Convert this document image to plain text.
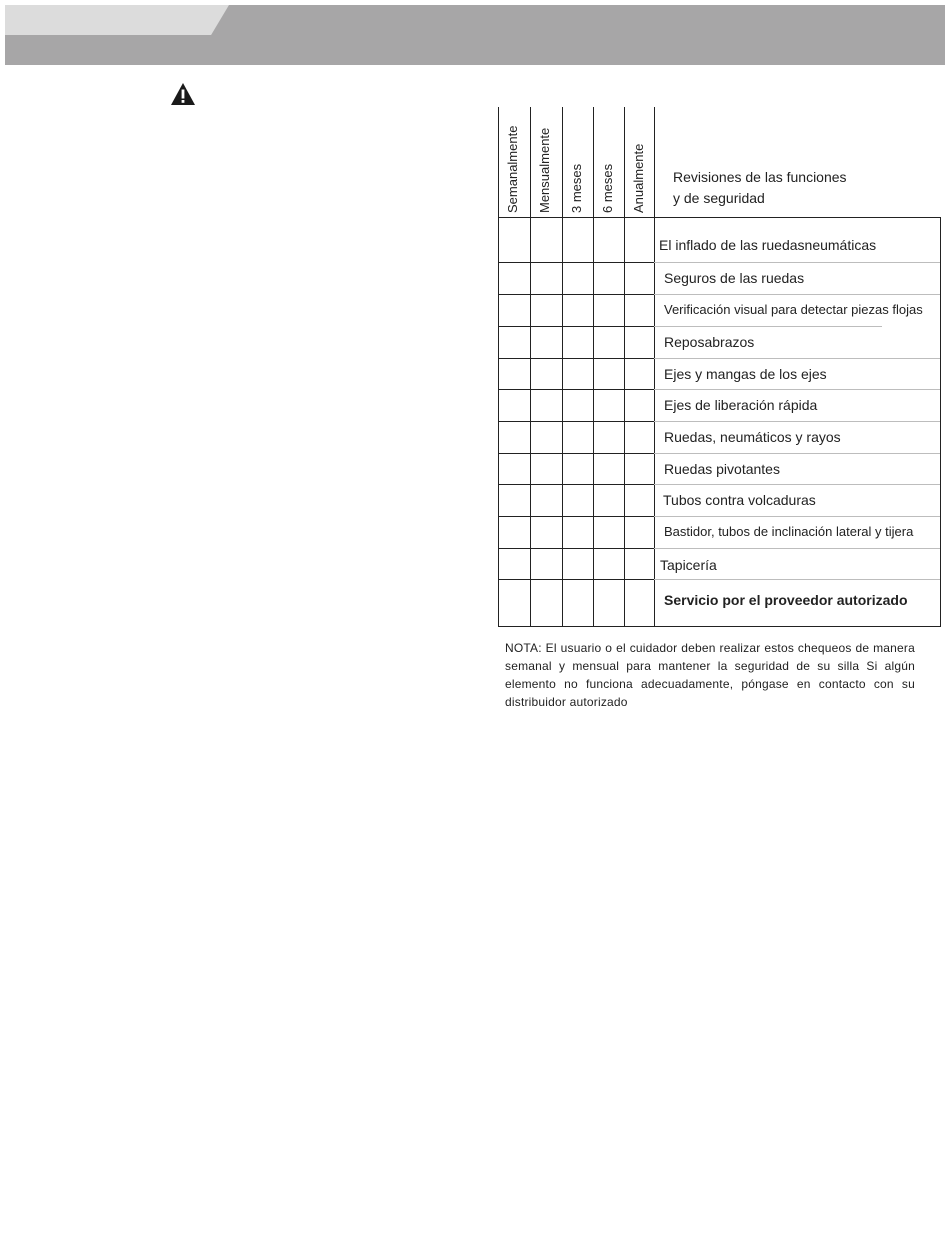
Semanalmente Mensualmente 3 meses 6 meses Anualmente Revisiones de las funciones
y de seguridad
El inflado de las ruedasneumáticas
Seguros de las ruedas
Verificación visual para detectar piezas flojas
Reposabrazos
Ejes y mangas de los ejes
Ejes de liberación rápida
Ruedas, neumáticos y rayos
Ruedas pivotantes
Tubos contra volcaduras
Bastidor, tubos de inclinación lateral y tijera
Tapicería
Servicio por el proveedor autorizado
NOTA: El usuario o el cuidador deben realizar estos chequeos de manera semanal y mensual para mantener la seguridad de su silla Si algún elemento no funciona adecuadamente, póngase en contacto con su distribuidor autorizado
